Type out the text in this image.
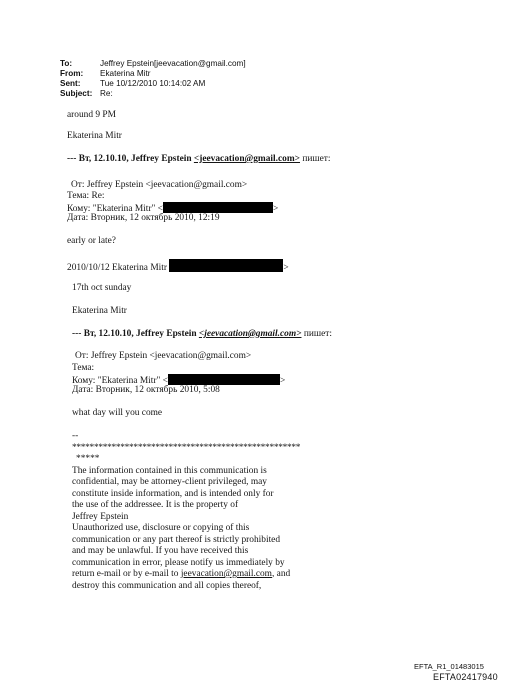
To:	Jeffrey Epstein[jeevacation@gmail.com]
From:	Ekaterina Mitr
Sent:	Tue 10/12/2010 10:14:02 AM
Subject: Re:
around 9 PM
Ekaterina Mitr
--- Вт, 12.10.10, Jeffrey Epstein <jeevacation@gmail.com> пишет:
От: Jeffrey Epstein <jeevacation@gmail.com>
Тема: Re:
Кому: "Ekaterina Mitr" <	>
Дата: Вторник, 12 октябрь 2010, 12:19
early or late?
2010/10/12 Ekaterina Mitr	>
17th oct sunday
Ekaterina Mitr
--- Вт, 12.10.10, Jeffrey Epstein <jeevacation@gmail.com> пишет:
От: Jeffrey Epstein <jeevacation@gmail.com>
Тема:
Кому: "Ekaterina Mitr" <	>
Дата: Вторник, 12 октябрь 2010, 5:08
what day will you come
--
****************************************************
*****
The information contained in this communication is
confidential, may be attorney-client privileged, may
constitute inside information, and is intended only for
the use of the addressee. It is the property of
Jeffrey Epstein
Unauthorized use, disclosure or copying of this
communication or any part thereof is strictly prohibited
and may be unlawful. If you have received this
communication in error, please notify us immediately by
return e-mail or by e-mail to jeevacation@gmail.com, and
destroy this communication and all copies thereof,
EFTA_R1_01483015
EFTA02417940
